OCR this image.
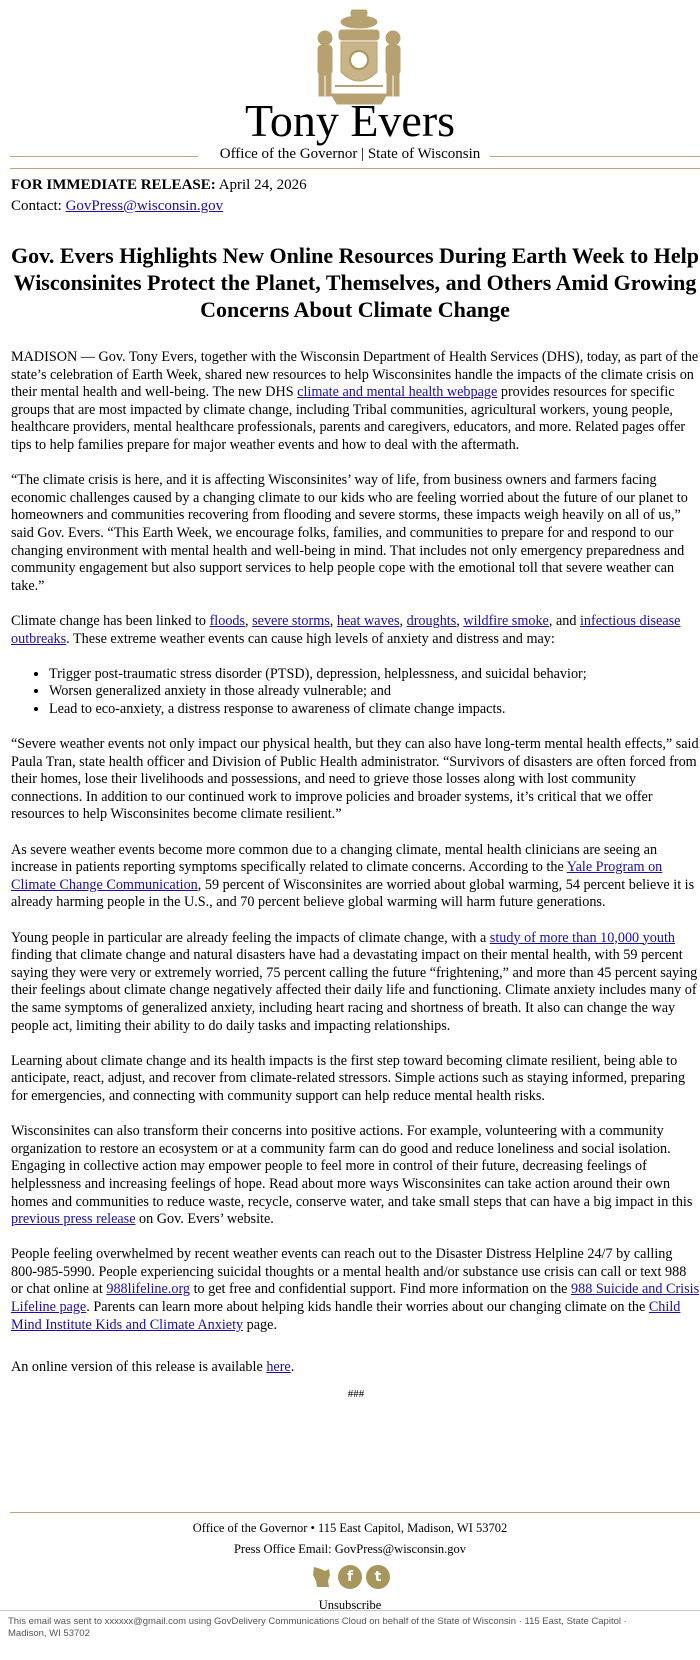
Tony Evers
Office of the Governor | State of Wisconsin
FOR IMMEDIATE RELEASE: April 24, 2026
Contact: GovPress@wisconsin.gov
Gov. Evers Highlights New Online Resources During Earth Week to Help Wisconsinites Protect the Planet, Themselves, and Others Amid Growing Concerns About Climate Change

MADISON — Gov. Tony Evers, together with the Wisconsin Department of Health Services (DHS), today, as part of the state’s celebration of Earth Week, shared new resources to help Wisconsinites handle the impacts of the climate crisis on their mental health and well-being. The new DHS climate and mental health webpage provides resources for specific groups that are most impacted by climate change, including Tribal communities, agricultural workers, young people, healthcare providers, mental healthcare professionals, parents and caregivers, educators, and more. Related pages offer tips to help families prepare for major weather events and how to deal with the aftermath.

“The climate crisis is here, and it is affecting Wisconsinites’ way of life, from business owners and farmers facing economic challenges caused by a changing climate to our kids who are feeling worried about the future of our planet to homeowners and communities recovering from flooding and severe storms, these impacts weigh heavily on all of us,” said Gov. Evers. “This Earth Week, we encourage folks, families, and communities to prepare for and respond to our changing environment with mental health and well-being in mind. That includes not only emergency preparedness and community engagement but also support services to help people cope with the emotional toll that severe weather can take.”

Climate change has been linked to floods, severe storms, heat waves, droughts, wildfire smoke, and infectious disease outbreaks. These extreme weather events can cause high levels of anxiety and distress and may:

• Trigger post-traumatic stress disorder (PTSD), depression, helplessness, and suicidal behavior;
• Worsen generalized anxiety in those already vulnerable; and
• Lead to eco-anxiety, a distress response to awareness of climate change impacts.

“Severe weather events not only impact our physical health, but they can also have long-term mental health effects,” said Paula Tran, state health officer and Division of Public Health administrator. “Survivors of disasters are often forced from their homes, lose their livelihoods and possessions, and need to grieve those losses along with lost community connections. In addition to our continued work to improve policies and broader systems, it’s critical that we offer resources to help Wisconsinites become climate resilient.”

As severe weather events become more common due to a changing climate, mental health clinicians are seeing an increase in patients reporting symptoms specifically related to climate concerns. According to the Yale Program on Climate Change Communication, 59 percent of Wisconsinites are worried about global warming, 54 percent believe it is already harming people in the U.S., and 70 percent believe global warming will harm future generations.

Young people in particular are already feeling the impacts of climate change, with a study of more than 10,000 youth finding that climate change and natural disasters have had a devastating impact on their mental health, with 59 percent saying they were very or extremely worried, 75 percent calling the future “frightening,” and more than 45 percent saying their feelings about climate change negatively affected their daily life and functioning. Climate anxiety includes many of the same symptoms of generalized anxiety, including heart racing and shortness of breath. It also can change the way people act, limiting their ability to do daily tasks and impacting relationships.

Learning about climate change and its health impacts is the first step toward becoming climate resilient, being able to anticipate, react, adjust, and recover from climate-related stressors. Simple actions such as staying informed, preparing for emergencies, and connecting with community support can help reduce mental health risks.

Wisconsinites can also transform their concerns into positive actions. For example, volunteering with a community organization to restore an ecosystem or at a community farm can do good and reduce loneliness and social isolation. Engaging in collective action may empower people to feel more in control of their future, decreasing feelings of helplessness and increasing feelings of hope. Read about more ways Wisconsinites can take action around their own homes and communities to reduce waste, recycle, conserve water, and take small steps that can have a big impact in this previous press release on Gov. Evers’ website.

People feeling overwhelmed by recent weather events can reach out to the Disaster Distress Helpline 24/7 by calling 800-985-5990. People experiencing suicidal thoughts or a mental health and/or substance use crisis can call or text 988 or chat online at 988lifeline.org to get free and confidential support. Find more information on the 988 Suicide and Crisis Lifeline page. Parents can learn more about helping kids handle their worries about our changing climate on the Child Mind Institute Kids and Climate Anxiety page.

An online version of this release is available here.

###
Office of the Governor • 115 East Capitol, Madison, WI 53702
Press Office Email: GovPress@wisconsin.gov
f	t
Unsubscribe
This email was sent to xxxxxx@gmail.com using GovDelivery Communications Cloud on behalf of the State of Wisconsin · 115 East, State Capitol · Madison, WI 53702
